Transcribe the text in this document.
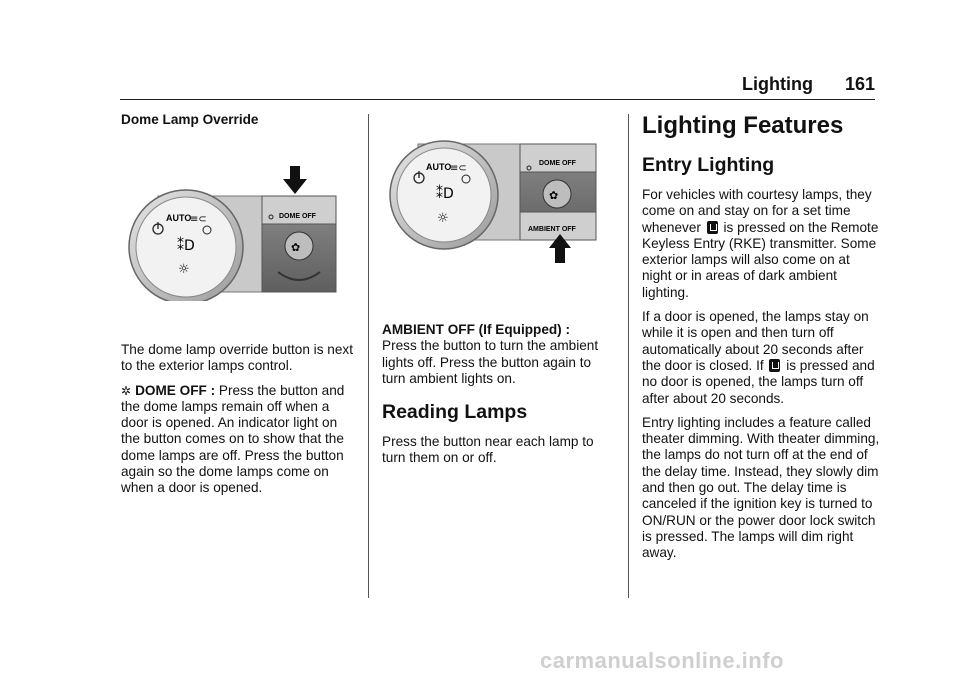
Lighting 161

Dome Lamp Override

AUTO
≡⊂
⁑D
☼
DOME OFF
✿

The dome lamp override button is next to the exterior lamps control.

✲ DOME OFF : Press the button and the dome lamps remain off when a door is opened. An indicator light on the button comes on to show that the dome lamps are off. Press the button again so the dome lamps come on when a door is opened.

AUTO
≡⊂
⁑D
☼
DOME OFF
✿
AMBIENT OFF

AMBIENT OFF (If Equipped) :

Press the button to turn the ambient lights off. Press the button again to turn ambient lights on.

Reading Lamps

Press the button near each lamp to turn them on or off.

Lighting Features
Entry Lighting

For vehicles with courtesy lamps, they come on and stay on for a set time whenever  is pressed on the Remote Keyless Entry (RKE) transmitter. Some exterior lamps will also come on at night or in areas of dark ambient lighting.

If a door is opened, the lamps stay on while it is open and then turn off automatically about 20 seconds after the door is closed. If  is pressed and no door is opened, the lamps turn off after about 20 seconds.

Entry lighting includes a feature called theater dimming. With theater dimming, the lamps do not turn off at the end of the delay time. Instead, they slowly dim and then go out. The delay time is canceled if the ignition key is turned to ON/RUN or the power door lock switch is pressed. The lamps will dim right away.

carmanualsonline.info
